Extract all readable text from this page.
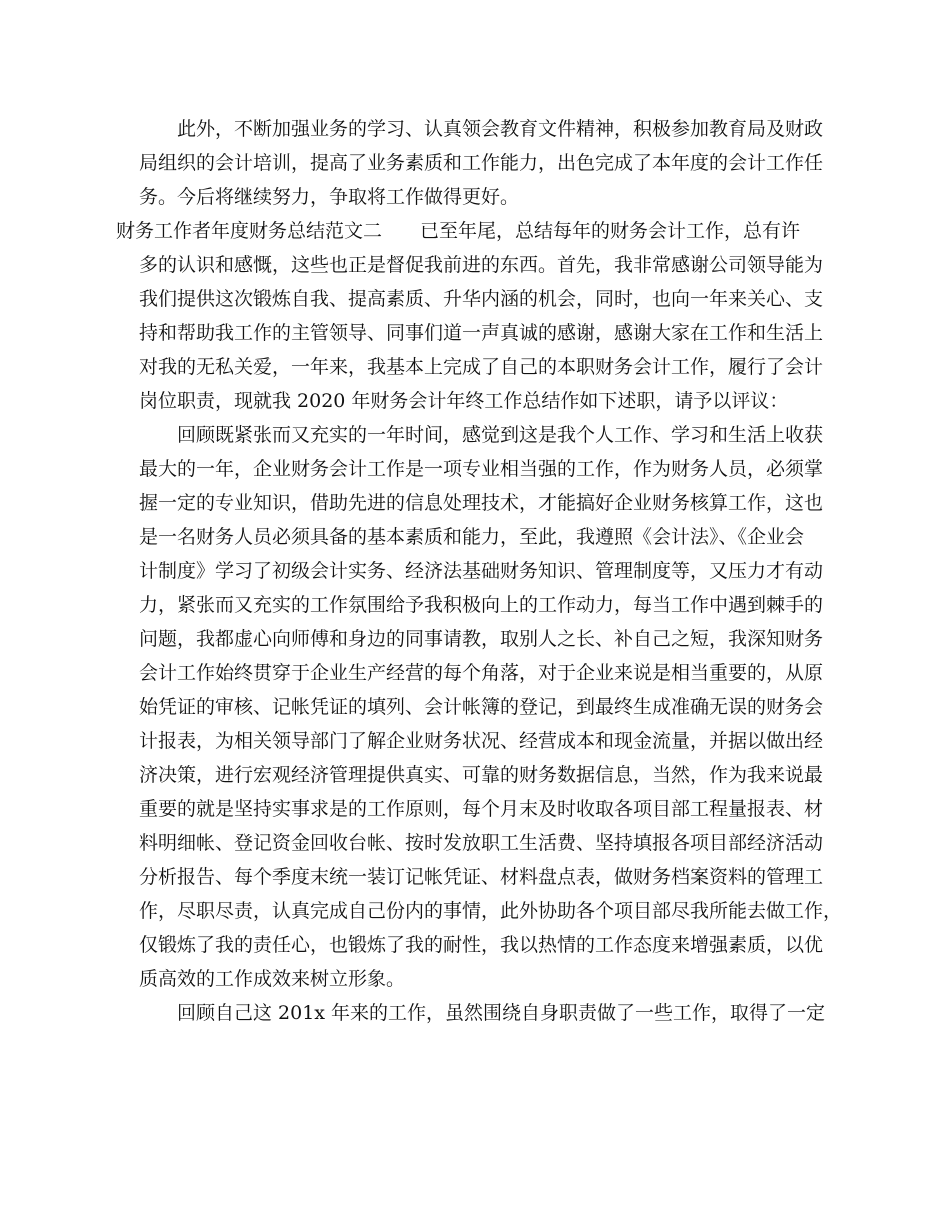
此外，不断加强业务的学习、认真领会教育文件精神，积极参加教育局及财政
局组织的会计培训，提高了业务素质和工作能力，出色完成了本年度的会计工作任
务。今后将继续努力，争取将工作做得更好。
财务工作者年度财务总结范文二　　已至年尾，总结每年的财务会计工作，总有许
多的认识和感慨，这些也正是督促我前进的东西。首先，我非常感谢公司领导能为
我们提供这次锻炼自我、提高素质、升华内涵的机会，同时，也向一年来关心、支
持和帮助我工作的主管领导、同事们道一声真诚的感谢，感谢大家在工作和生活上
对我的无私关爱，一年来，我基本上完成了自己的本职财务会计工作，履行了会计
岗位职责，现就我 2020 年财务会计年终工作总结作如下述职，请予以评议：
回顾既紧张而又充实的一年时间，感觉到这是我个人工作、学习和生活上收获
最大的一年，企业财务会计工作是一项专业相当强的工作，作为财务人员，必须掌
握一定的专业知识，借助先进的信息处理技术，才能搞好企业财务核算工作，这也
是一名财务人员必须具备的基本素质和能力，至此，我遵照《会计法》、《企业会
计制度》学习了初级会计实务、经济法基础财务知识、管理制度等，又压力才有动
力，紧张而又充实的工作氛围给予我积极向上的工作动力，每当工作中遇到棘手的
问题，我都虚心向师傅和身边的同事请教，取别人之长、补自己之短，我深知财务
会计工作始终贯穿于企业生产经营的每个角落，对于企业来说是相当重要的，从原
始凭证的审核、记帐凭证的填列、会计帐簿的登记，到最终生成准确无误的财务会
计报表，为相关领导部门了解企业财务状况、经营成本和现金流量，并据以做出经
济决策，进行宏观经济管理提供真实、可靠的财务数据信息，当然，作为我来说最
重要的就是坚持实事求是的工作原则，每个月末及时收取各项目部工程量报表、材
料明细帐、登记资金回收台帐、按时发放职工生活费、坚持填报各项目部经济活动
分析报告、每个季度末统一装订记帐凭证、材料盘点表，做财务档案资料的管理工
作，尽职尽责，认真完成自己份内的事情，此外协助各个项目部尽我所能去做工作，
仅锻炼了我的责任心，也锻炼了我的耐性，我以热情的工作态度来增强素质，以优
质高效的工作成效来树立形象。
回顾自己这 201x 年来的工作，虽然围绕自身职责做了一些工作，取得了一定
